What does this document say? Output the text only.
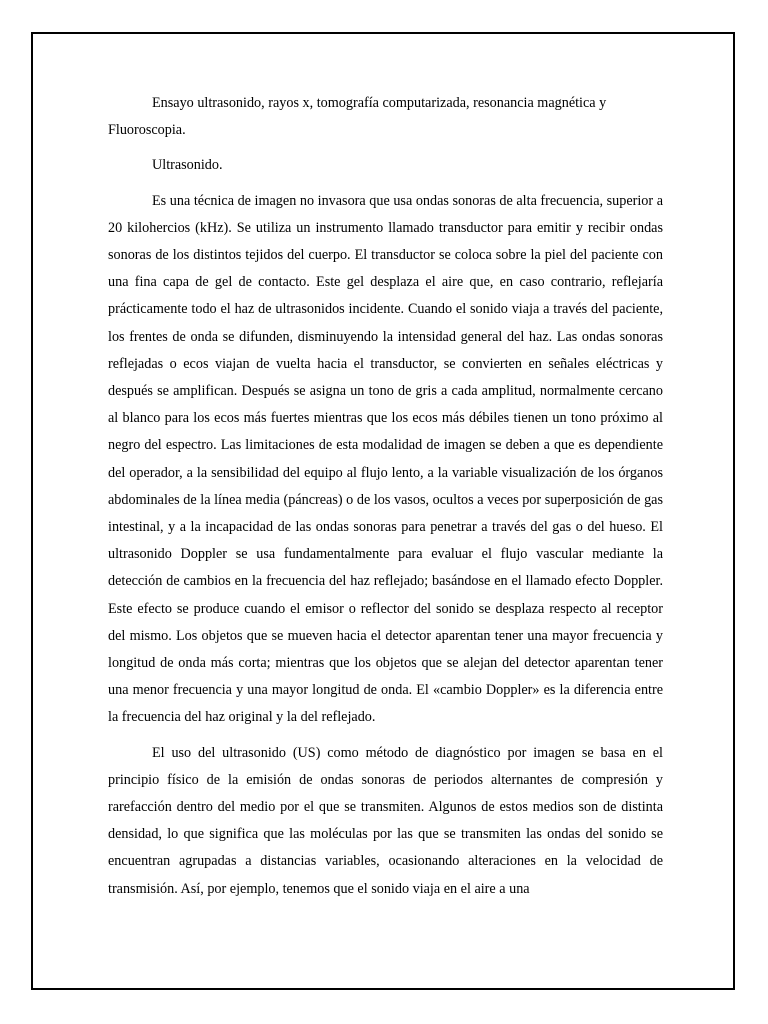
Ensayo ultrasonido, rayos x, tomografía computarizada, resonancia magnética y Fluoroscopia.

Ultrasonido.

Es una técnica de imagen no invasora que usa ondas sonoras de alta frecuencia, superior a 20 kilohercios (kHz). Se utiliza un instrumento llamado transductor para emitir y recibir ondas sonoras de los distintos tejidos del cuerpo. El transductor se coloca sobre la piel del paciente con una fina capa de gel de contacto. Este gel desplaza el aire que, en caso contrario, reflejaría prácticamente todo el haz de ultrasonidos incidente. Cuando el sonido viaja a través del paciente, los frentes de onda se difunden, disminuyendo la intensidad general del haz. Las ondas sonoras reflejadas o ecos viajan de vuelta hacia el transductor, se convierten en señales eléctricas y después se amplifican. Después se asigna un tono de gris a cada amplitud, normalmente cercano al blanco para los ecos más fuertes mientras que los ecos más débiles tienen un tono próximo al negro del espectro. Las limitaciones de esta modalidad de imagen se deben a que es dependiente del operador, a la sensibilidad del equipo al flujo lento, a la variable visualización de los órganos abdominales de la línea media (páncreas) o de los vasos, ocultos a veces por superposición de gas intestinal, y a la incapacidad de las ondas sonoras para penetrar a través del gas o del hueso. El ultrasonido Doppler se usa fundamentalmente para evaluar el flujo vascular mediante la detección de cambios en la frecuencia del haz reflejado; basándose en el llamado efecto Doppler. Este efecto se produce cuando el emisor o reflector del sonido se desplaza respecto al receptor del mismo. Los objetos que se mueven hacia el detector aparentan tener una mayor frecuencia y longitud de onda más corta; mientras que los objetos que se alejan del detector aparentan tener una menor frecuencia y una mayor longitud de onda. El «cambio Doppler» es la diferencia entre la frecuencia del haz original y la del reflejado.

El uso del ultrasonido (US) como método de diagnóstico por imagen se basa en el principio físico de la emisión de ondas sonoras de periodos alternantes de compresión y rarefacción dentro del medio por el que se transmiten. Algunos de estos medios son de distinta densidad, lo que significa que las moléculas por las que se transmiten las ondas del sonido se encuentran agrupadas a distancias variables, ocasionando alteraciones en la velocidad de transmisión. Así, por ejemplo, tenemos que el sonido viaja en el aire a una
